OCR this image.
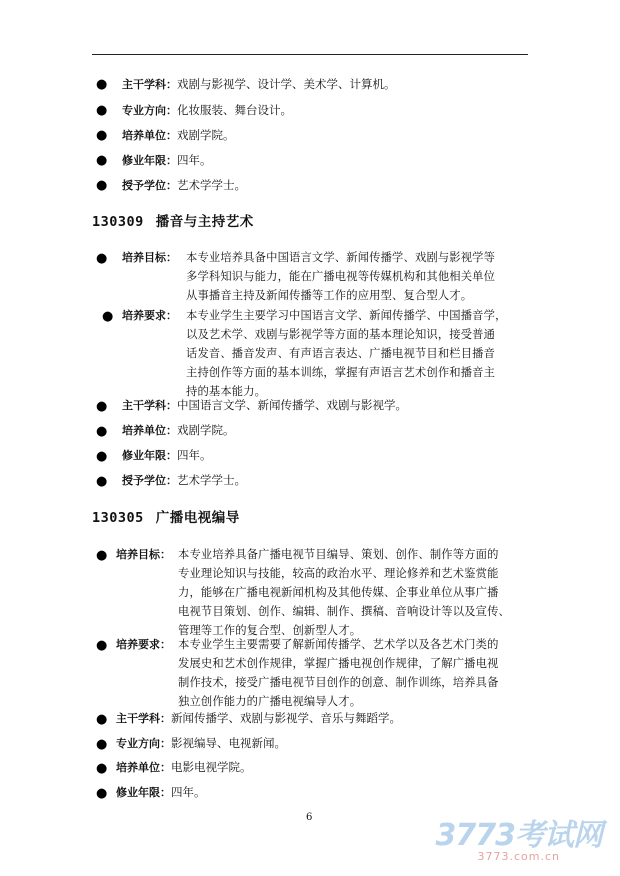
● 主干学科：戏剧与影视学、设计学、美术学、计算机。
● 专业方向：化妆服装、舞台设计。
● 培养单位：戏剧学院。
● 修业年限：四年。
● 授予学位：艺术学学士。
130309 播音与主持艺术
● 培养目标： 本专业培养具备中国语言文学、新闻传播学、戏剧与影视学等
多学科知识与能力，能在广播电视等传媒机构和其他相关单位
从事播音主持及新闻传播等工作的应用型、复合型人才。
● 培养要求： 本专业学生主要学习中国语言文学、新闻传播学、中国播音学，
以及艺术学、戏剧与影视学等方面的基本理论知识，接受普通
话发音、播音发声、有声语言表达、广播电视节目和栏目播音
主持创作等方面的基本训练，掌握有声语言艺术创作和播音主
持的基本能力。
● 主干学科：中国语言文学、新闻传播学、戏剧与影视学。
● 培养单位：戏剧学院。
● 修业年限：四年。
● 授予学位：艺术学学士。
130305 广播电视编导
● 培养目标： 本专业培养具备广播电视节目编导、策划、创作、制作等方面的
专业理论知识与技能，较高的政治水平、理论修养和艺术鉴赏能
力，能够在广播电视新闻机构及其他传媒、企事业单位从事广播
电视节目策划、创作、编辑、制作、撰稿、音响设计等以及宣传、
管理等工作的复合型、创新型人才。
● 培养要求： 本专业学生主要需要了解新闻传播学、艺术学以及各艺术门类的
发展史和艺术创作规律，掌握广播电视创作规律，了解广播电视
制作技术，接受广播电视节目创作的创意、制作训练，培养具备
独立创作能力的广播电视编导人才。
● 主干学科：新闻传播学、戏剧与影视学、音乐与舞蹈学。
● 专业方向：影视编导、电视新闻。
● 培养单位：电影电视学院。
● 修业年限：四年。
6
3773考试网
3773.com.cn
